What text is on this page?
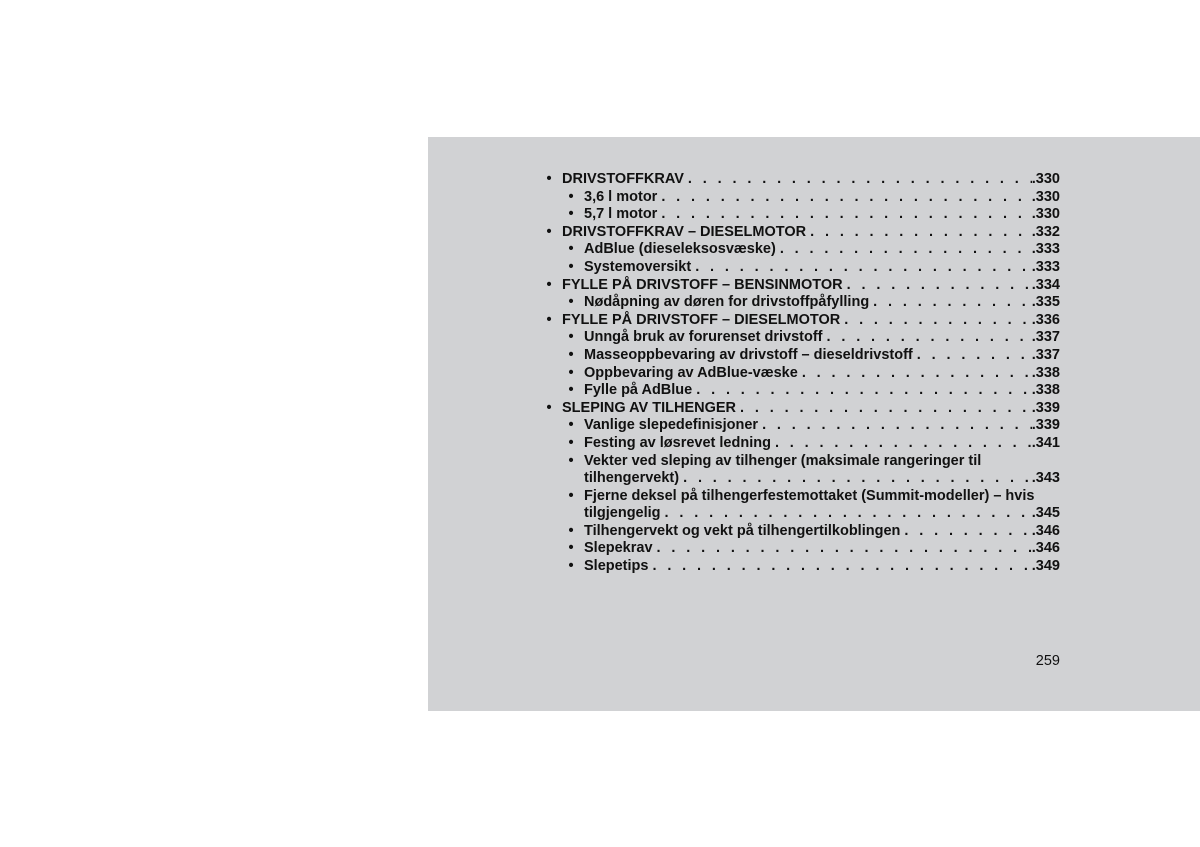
• DRIVSTOFFKRAV . . .	.330
• 3,6 l motor . . .	.330
• 5,7 l motor . . .	.330
• DRIVSTOFFKRAV – DIESELMOTOR . . .	.332
• AdBlue (dieseleksosvæske) . . .	.333
• Systemoversikt . . .	.333
• FYLLE PÅ DRIVSTOFF – BENSINMOTOR . . .	.334
• Nødåpning av døren for drivstoffpåfylling . . .	.335
• FYLLE PÅ DRIVSTOFF – DIESELMOTOR . . .	.336
• Unngå bruk av forurenset drivstoff . . .	.337
• Masseoppbevaring av drivstoff – dieseldrivstoff . . .	.337
• Oppbevaring av AdBlue-væske . . .	.338
• Fylle på AdBlue . . .	.338
• SLEPING AV TILHENGER . . .	.339
• Vanlige slepedefinisjoner . . .	.339
• Festing av løsrevet ledning . . .	.341
• Vekter ved sleping av tilhenger (maksimale rangeringer til
tilhengervekt) . . .	.343
• Fjerne deksel på tilhengerfestemottaket (Summit-modeller) – hvis
tilgjengelig . . .	.345
• Tilhengervekt og vekt på tilhengertilkoblingen . . .	.346
• Slepekrav . . .	.346
• Slepetips . . .	.349
259
